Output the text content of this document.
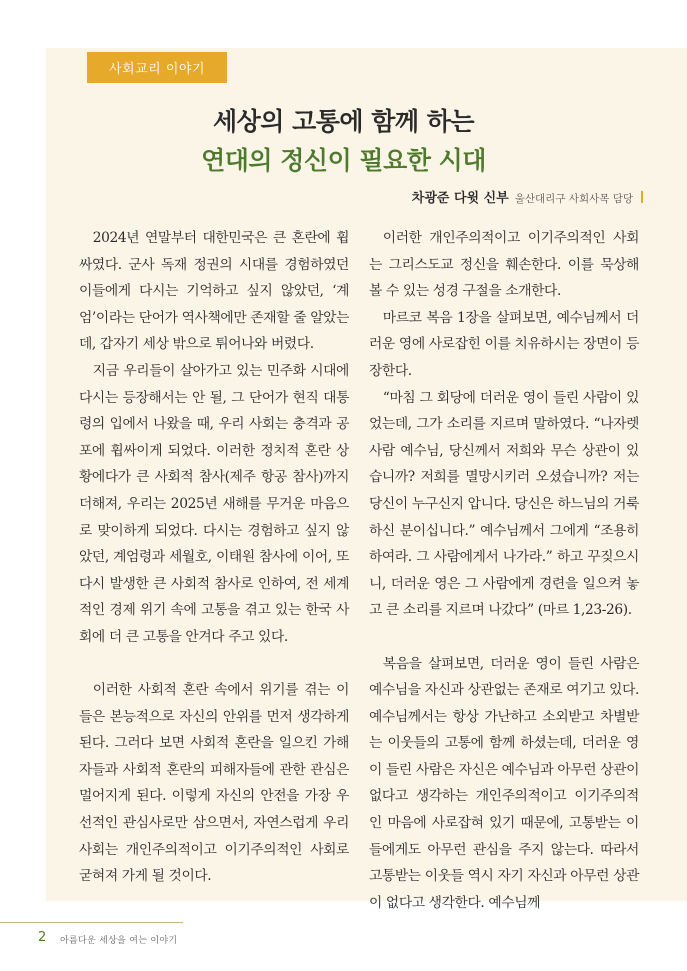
사회교리 이야기
세상의 고통에 함께 하는
연대의 정신이 필요한 시대
차광준 다윗 신부 울산대리구 사회사목 담당

2024년 연말부터 대한민국은 큰 혼란에 휩싸였다. 군사 독재 정권의 시대를 경험하였던 이들에게 다시는 기억하고 싶지 않았던, ‘계엄’이라는 단어가 역사책에만 존재할 줄 알았는데, 갑자기 세상 밖으로 튀어나와 버렸다.

지금 우리들이 살아가고 있는 민주화 시대에 다시는 등장해서는 안 될, 그 단어가 현직 대통령의 입에서 나왔을 때, 우리 사회는 충격과 공포에 휩싸이게 되었다. 이러한 정치적 혼란 상황에다가 큰 사회적 참사(제주 항공 참사)까지 더해져, 우리는 2025년 새해를 무거운 마음으로 맞이하게 되었다. 다시는 경험하고 싶지 않았던, 계엄령과 세월호, 이태원 참사에 이어, 또 다시 발생한 큰 사회적 참사로 인하여, 전 세계적인 경제 위기 속에 고통을 겪고 있는 한국 사회에 더 큰 고통을 안겨다 주고 있다.

이러한 사회적 혼란 속에서 위기를 겪는 이들은 본능적으로 자신의 안위를 먼저 생각하게 된다. 그러다 보면 사회적 혼란을 일으킨 가해자들과 사회적 혼란의 피해자들에 관한 관심은 멀어지게 된다. 이렇게 자신의 안전을 가장 우선적인 관심사로만 삼으면서, 자연스럽게 우리 사회는 개인주의적이고 이기주의적인 사회로 굳혀져 가게 될 것이다.

이러한 개인주의적이고 이기주의적인 사회는 그리스도교 정신을 훼손한다. 이를 묵상해 볼 수 있는 성경 구절을 소개한다.

마르코 복음 1장을 살펴보면, 예수님께서 더러운 영에 사로잡힌 이를 치유하시는 장면이 등장한다.

“마침 그 회당에 더러운 영이 들린 사람이 있었는데, 그가 소리를 지르며 말하였다. “나자렛 사람 예수님, 당신께서 저희와 무슨 상관이 있습니까? 저희를 멸망시키러 오셨습니까? 저는 당신이 누구신지 압니다. 당신은 하느님의 거룩하신 분이십니다.” 예수님께서 그에게 “조용히 하여라. 그 사람에게서 나가라.” 하고 꾸짖으시니, 더러운 영은 그 사람에게 경련을 일으켜 놓고 큰 소리를 지르며 나갔다” (마르 1,23-26).

복음을 살펴보면, 더러운 영이 들린 사람은 예수님을 자신과 상관없는 존재로 여기고 있다. 예수님께서는 항상 가난하고 소외받고 차별받는 이웃들의 고통에 함께 하셨는데, 더러운 영이 들린 사람은 자신은 예수님과 아무런 상관이 없다고 생각하는 개인주의적이고 이기주의적인 마음에 사로잡혀 있기 때문에, 고통받는 이들에게도 아무런 관심을 주지 않는다. 따라서 고통받는 이웃들 역시 자기 자신과 아무런 상관이 없다고 생각한다. 예수님께

2 아름다운 세상을 여는 이야기
